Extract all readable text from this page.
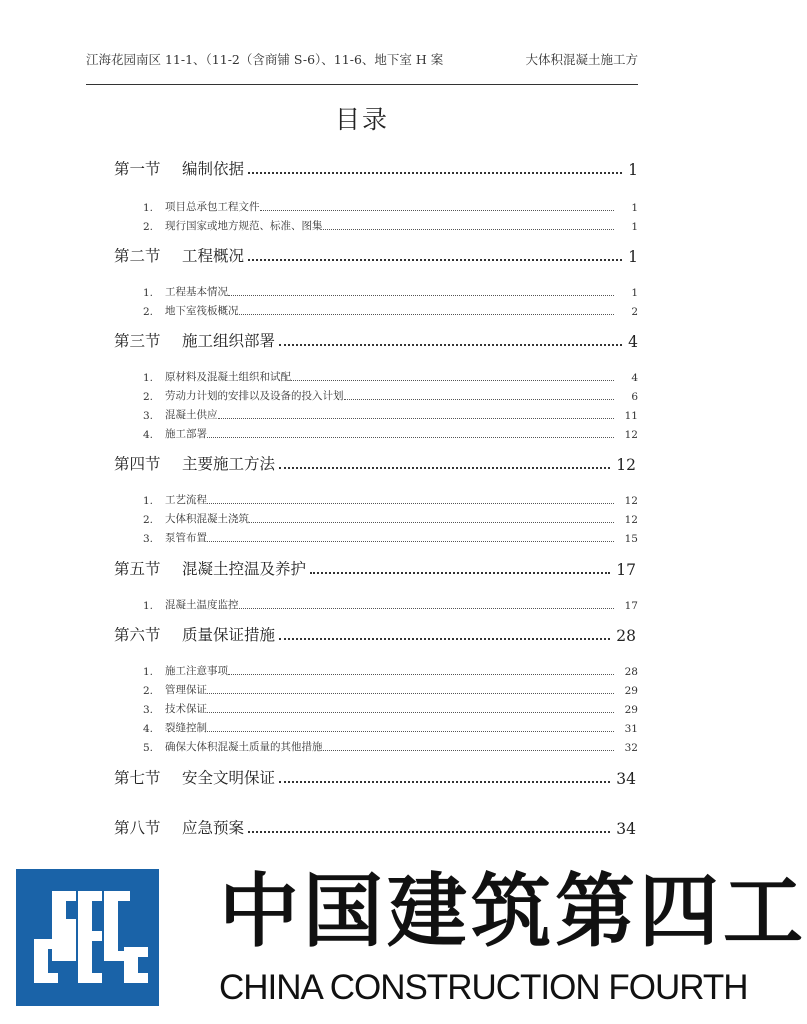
江海花园南区 11-1、（11-2（含商铺 S-6）、11-6、地下室 H 案	大体积混凝土施工方
目录
第一节	编制依据	1
1.	项目总承包工程文件	1
2.	现行国家或地方规范、标准、图集	1
第二节	工程概况	1
1.	工程基本情况	1
2.	地下室筏板概况	2
第三节	施工组织部署	4
1.	原材料及混凝土组织和试配	4
2.	劳动力计划的安排以及设备的投入计划	6
3.	混凝土供应	11
4.	施工部署	12
第四节	主要施工方法	12
1.	工艺流程	12
2.	大体积混凝土浇筑	12
3.	泵管布置	15
第五节	混凝土控温及养护	17
1.	混凝土温度监控	17
第六节	质量保证措施	28
1.	施工注意事项	28
2.	管理保证	29
3.	技术保证	29
4.	裂缝控制	31
5.	确保大体积混凝土质量的其他措施	32
第七节	安全文明保证	34
第八节	应急预案	34
中国建筑第四工
CHINA CONSTRUCTION FOURTH
